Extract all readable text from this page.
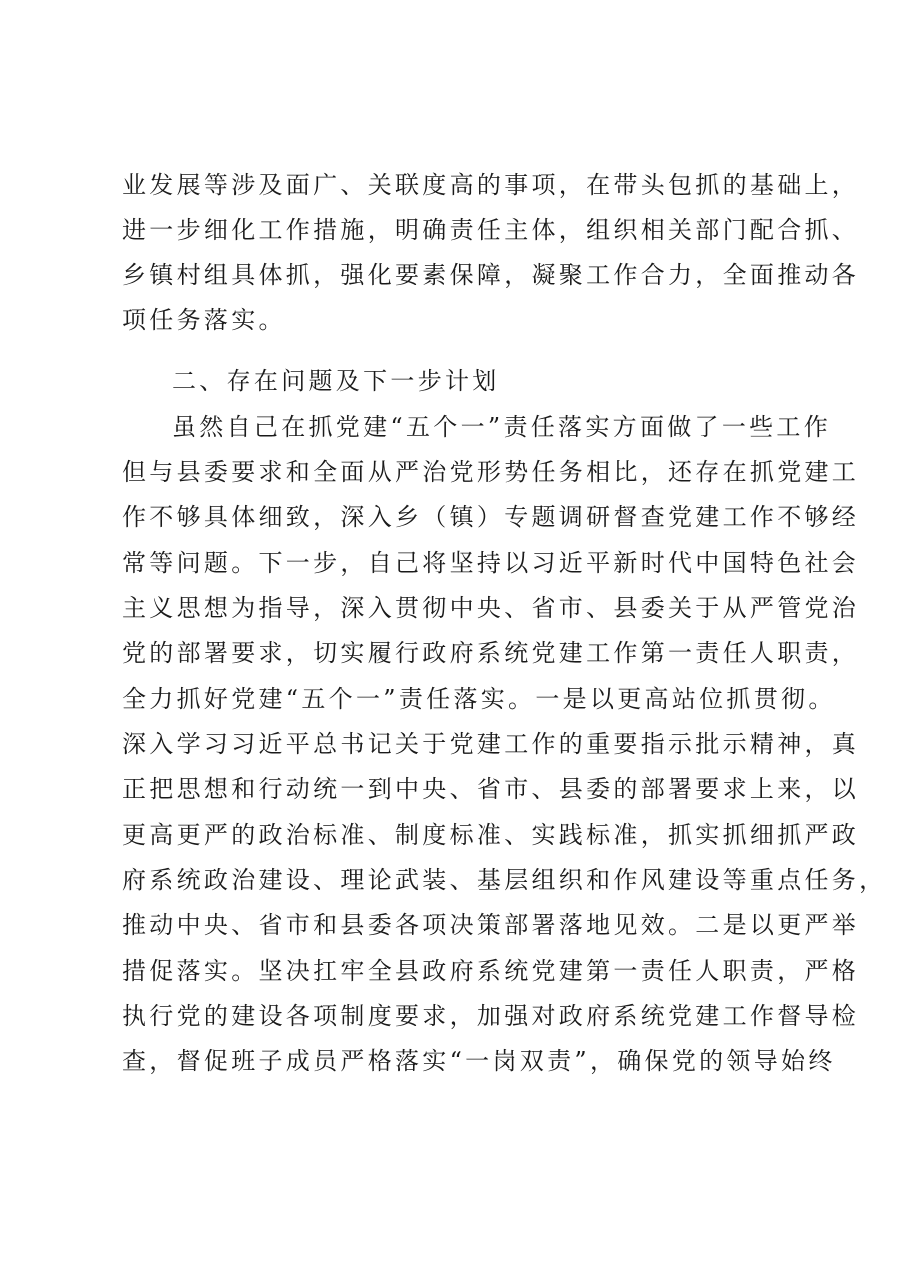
业发展等涉及面广、关联度高的事项，在带头包抓的基础上，
进一步细化工作措施，明确责任主体，组织相关部门配合抓、
乡镇村组具体抓，强化要素保障，凝聚工作合力，全面推动各
项任务落实。
二、存在问题及下一步计划
虽然自己在抓党建“五个一”责任落实方面做了一些工作
但与县委要求和全面从严治党形势任务相比，还存在抓党建工
作不够具体细致，深入乡（镇）专题调研督查党建工作不够经
常等问题。下一步，自己将坚持以习近平新时代中国特色社会
主义思想为指导，深入贯彻中央、省市、县委关于从严管党治
党的部署要求，切实履行政府系统党建工作第一责任人职责，
全力抓好党建“五个一”责任落实。一是以更高站位抓贯彻。
深入学习习近平总书记关于党建工作的重要指示批示精神，真
正把思想和行动统一到中央、省市、县委的部署要求上来，以
更高更严的政治标准、制度标准、实践标准，抓实抓细抓严政
府系统政治建设、理论武装、基层组织和作风建设等重点任务，
推动中央、省市和县委各项决策部署落地见效。二是以更严举
措促落实。坚决扛牢全县政府系统党建第一责任人职责，严格
执行党的建设各项制度要求，加强对政府系统党建工作督导检
查，督促班子成员严格落实“一岗双责”，确保党的领导始终
